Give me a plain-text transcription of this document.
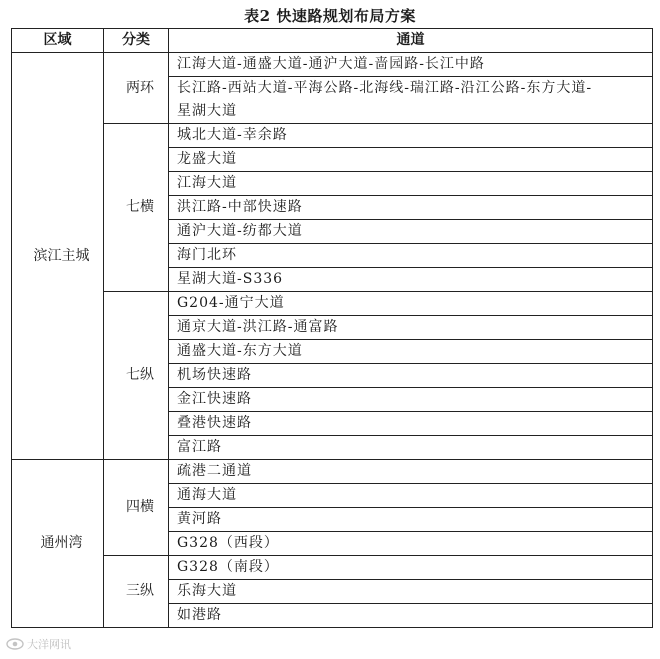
表2 快速路规划布局方案
区域	分类	通道
滨江主城	两环	江海大道-通盛大道-通沪大道-啬园路-长江中路
		长江路-西站大道-平海公路-北海线-瑞江路-沿江公路-东方大道-
		星湖大道
	七横	城北大道-幸余路
		龙盛大道
		江海大道
		洪江路-中部快速路
		通沪大道-纺都大道
		海门北环
		星湖大道-S336
	七纵	G204-通宁大道
		通京大道-洪江路-通富路
		通盛大道-东方大道
		机场快速路
		金江快速路
		叠港快速路
		富江路
通州湾	四横	疏港二通道
		通海大道
		黄河路
		G328（西段）
	三纵	G328（南段）
		乐海大道
		如港路
大洋网讯
